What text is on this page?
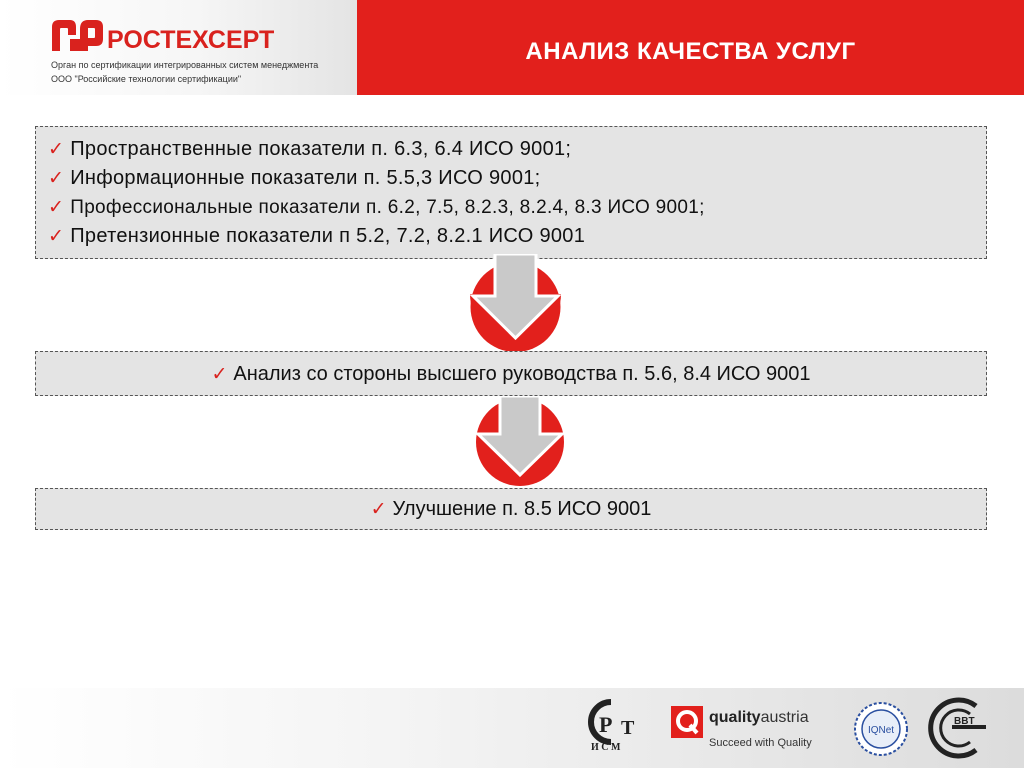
РОСТЕХСЕРТ
Орган по сертификации интегрированных систем менеджмента
ООО "Российские технологии сертификации"
АНАЛИЗ КАЧЕСТВА УСЛУГ
✓ Пространственные показатели п. 6.3, 6.4 ИСО 9001;
✓ Информационные показатели п. 5.5,3 ИСО 9001;
✓ Профессиональные показатели п. 6.2, 7.5, 8.2.3, 8.2.4, 8.3 ИСО 9001;
✓ Претензионные показатели п 5.2, 7.2, 8.2.1 ИСО 9001
✓ Анализ со стороны высшего руководства п. 5.6, 8.4 ИСО 9001
✓ Улучшение п. 8.5 ИСО 9001
Р Т
И С М
qualityaustria
Succeed with Quality
IQNet
BBT
